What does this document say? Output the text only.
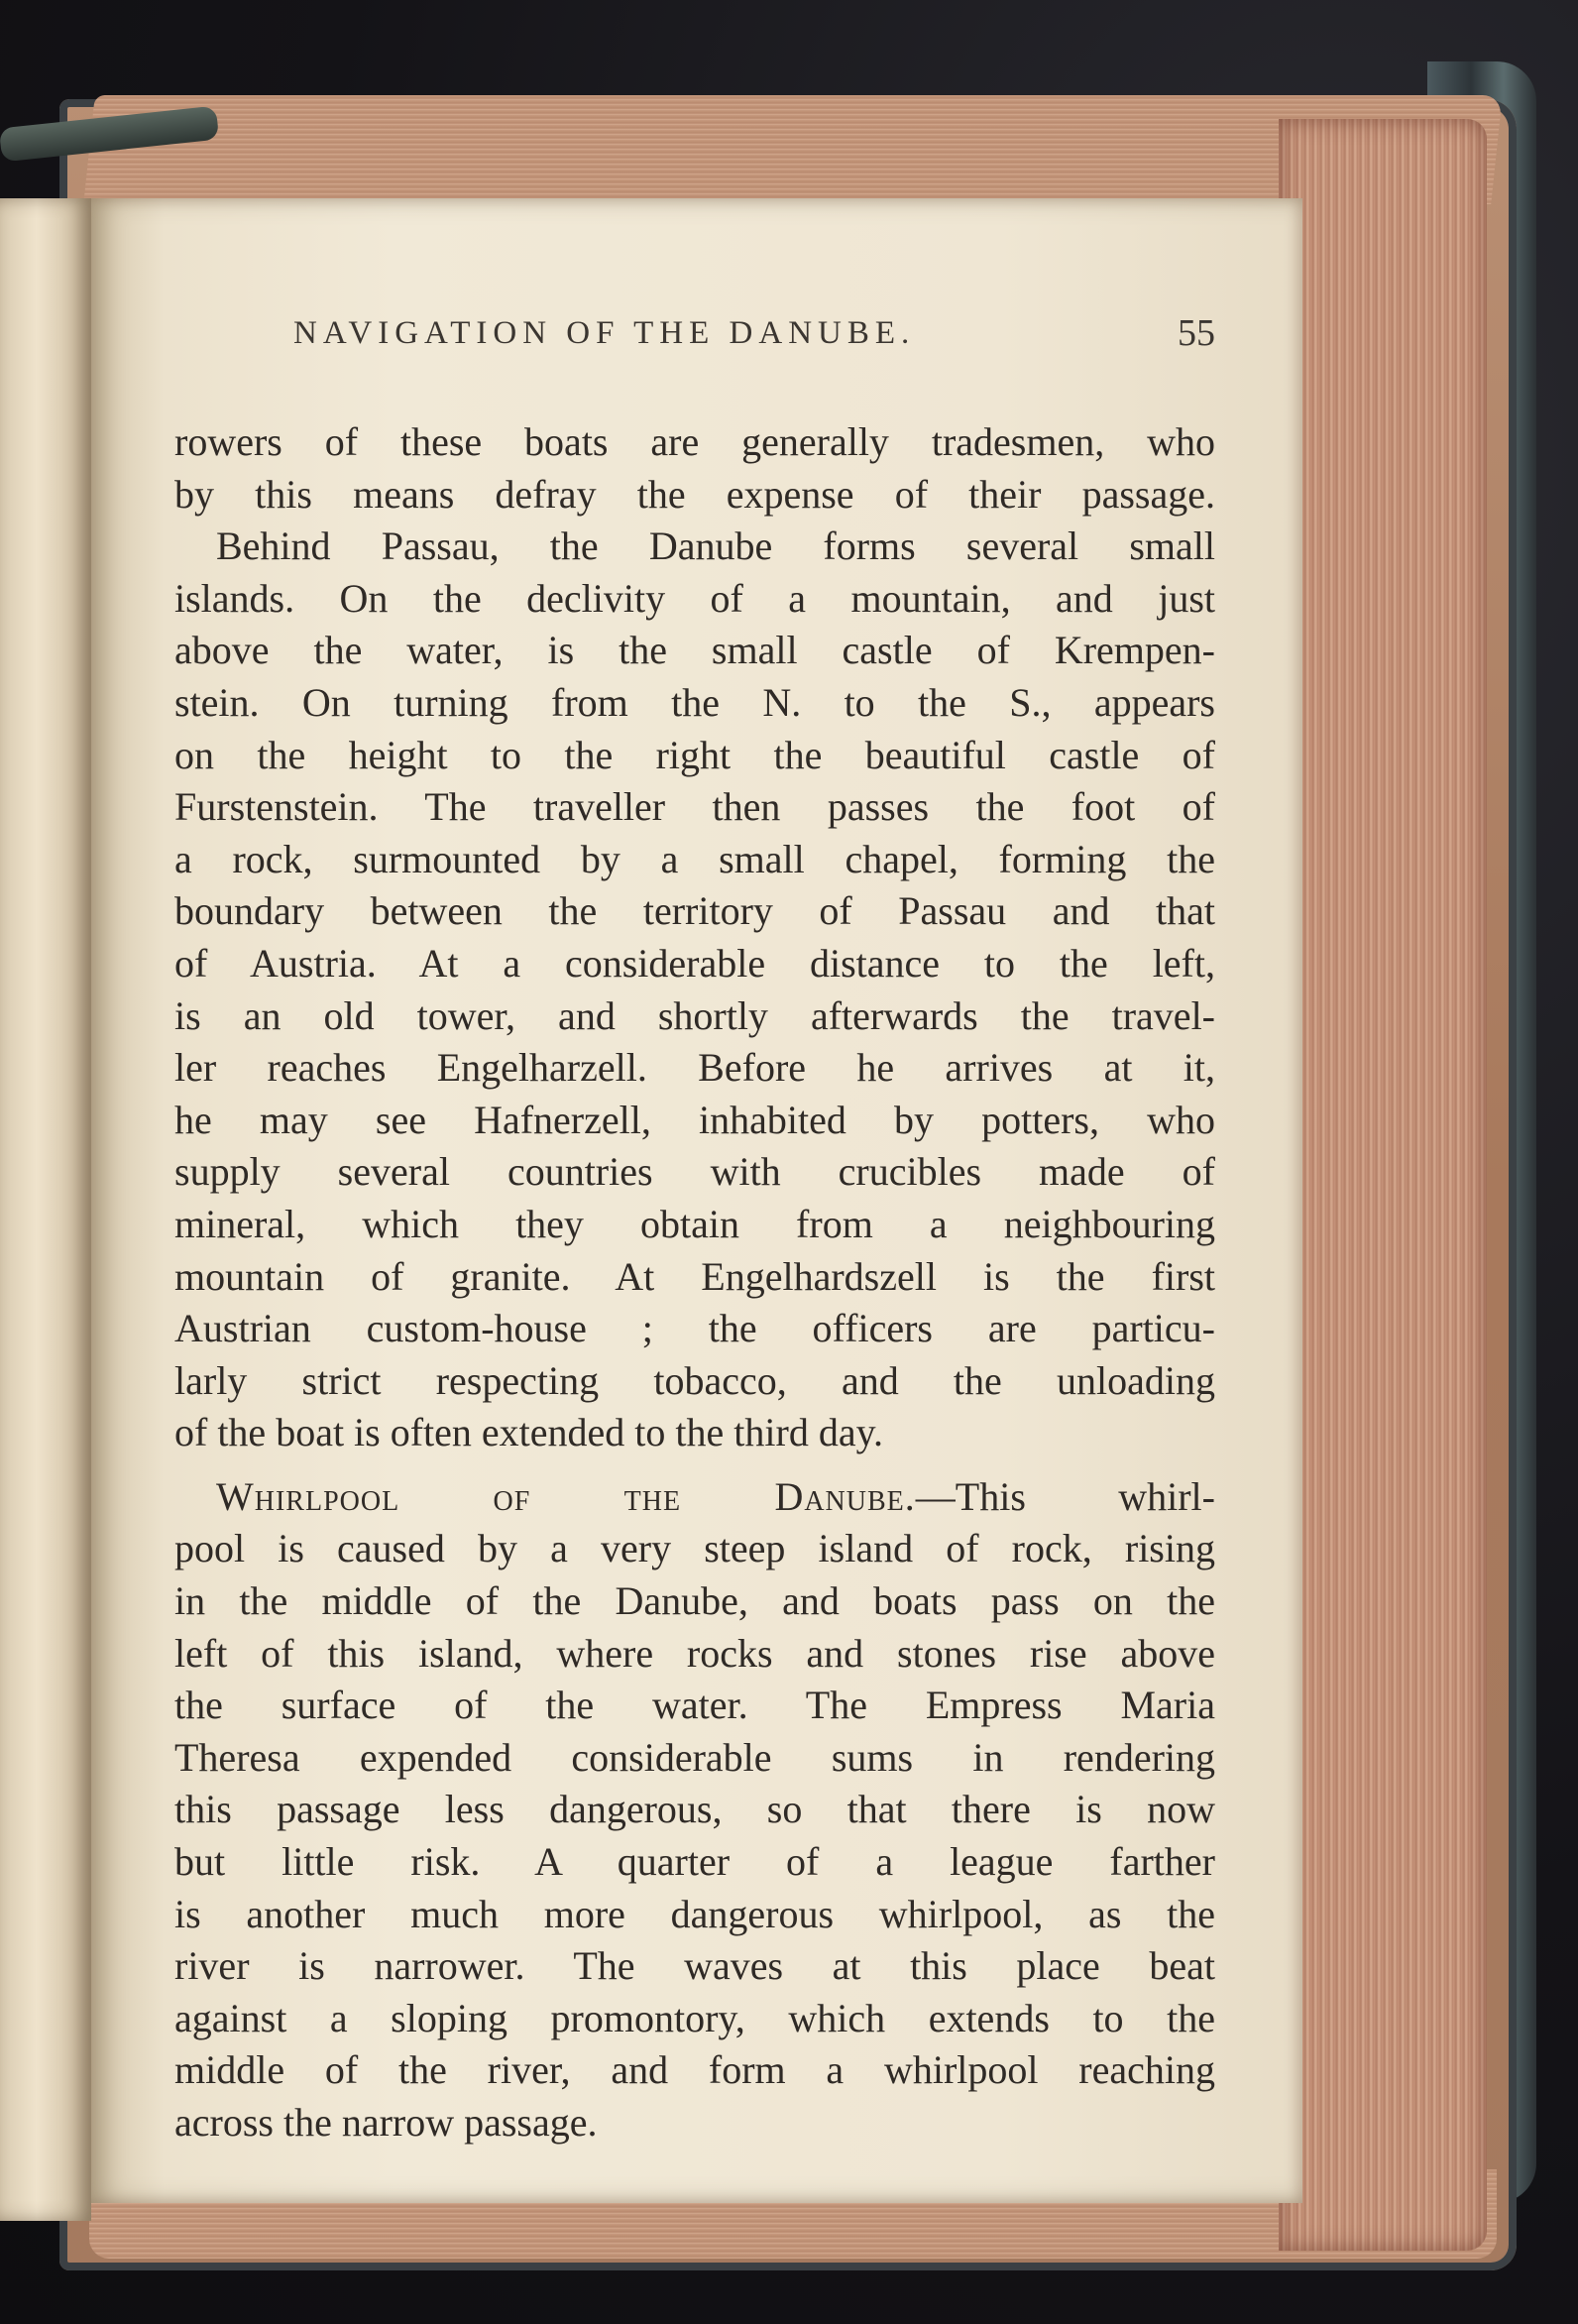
NAVIGATION OF THE DANUBE.	55
rowers of these boats are generally tradesmen, who
by this means defray the expense of their passage.
Behind Passau, the Danube forms several small
islands. On the declivity of a mountain, and just
above the water, is the small castle of Krempen-
stein. On turning from the N. to the S., appears
on the height to the right the beautiful castle of
Furstenstein. The traveller then passes the foot of
a rock, surmounted by a small chapel, forming the
boundary between the territory of Passau and that
of Austria. At a considerable distance to the left,
is an old tower, and shortly afterwards the travel-
ler reaches Engelharzell. Before he arrives at it,
he may see Hafnerzell, inhabited by potters, who
supply several countries with crucibles made of
mineral, which they obtain from a neighbouring
mountain of granite. At Engelhardszell is the first
Austrian custom-house ; the officers are particu-
larly strict respecting tobacco, and the unloading
of the boat is often extended to the third day.
Whirlpool of the Danube.—This whirl-
pool is caused by a very steep island of rock, rising
in the middle of the Danube, and boats pass on the
left of this island, where rocks and stones rise above
the surface of the water. The Empress Maria
Theresa expended considerable sums in rendering
this passage less dangerous, so that there is now
but little risk. A quarter of a league farther
is another much more dangerous whirlpool, as the
river is narrower. The waves at this place beat
against a sloping promontory, which extends to the
middle of the river, and form a whirlpool reaching
across the narrow passage.
